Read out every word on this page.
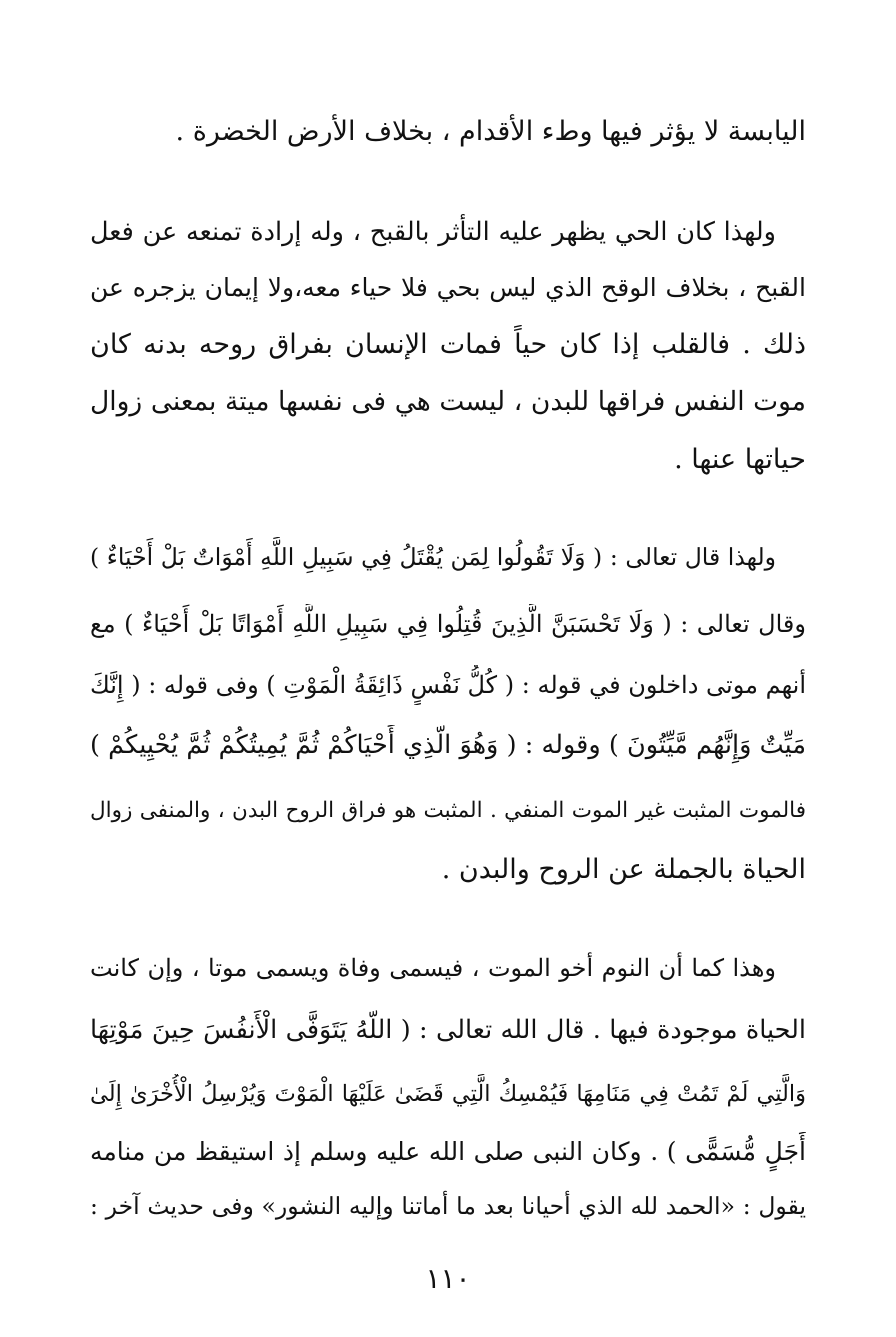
اليابسة لا يؤثر فيها وطء الأقدام ، بخلاف الأرض الخضرة .
ولهذا كان الحي يظهر عليه التأثر بالقبح ، وله إرادة تمنعه عن فعل
القبح ، بخلاف الوقح الذي ليس بحي فلا حياء معه،ولا إيمان يزجره عن
ذلك . فالقلب إذا كان حياً فمات الإنسان بفراق روحه بدنه كان
موت النفس فراقها للبدن ، ليست هي فى نفسها ميتة بمعنى زوال
حياتها عنها .
ولهذا قال تعالى : ( وَلَا تَقُولُوا لِمَن يُقْتَلُ فِي سَبِيلِ اللَّهِ أَمْوَاتٌ بَلْ أَحْيَاءٌ )
وقال تعالى : ( وَلَا تَحْسَبَنَّ الَّذِينَ قُتِلُوا فِي سَبِيلِ اللَّهِ أَمْوَاتًا بَلْ أَحْيَاءٌ ) مع
أنهم موتى داخلون في قوله : ( كُلُّ نَفْسٍ ذَائِقَةُ الْمَوْتِ ) وفى قوله : ( إِنَّكَ
مَيِّتٌ وَإِنَّهُم مَّيِّتُونَ ) وقوله : ( وَهُوَ الَّذِي أَحْيَاكُمْ ثُمَّ يُمِيتُكُمْ ثُمَّ يُحْيِيكُمْ )
فالموت المثبت غير الموت المنفي . المثبت هو فراق الروح البدن ، والمنفى زوال
الحياة بالجملة عن الروح والبدن .
وهذا كما أن النوم أخو الموت ، فيسمى وفاة ويسمى موتا ، وإن كانت
الحياة موجودة فيها . قال الله تعالى : ( اللَّهُ يَتَوَفَّى الْأَنفُسَ حِينَ مَوْتِهَا
وَالَّتِي لَمْ تَمُتْ فِي مَنَامِهَا فَيُمْسِكُ الَّتِي قَضَىٰ عَلَيْهَا الْمَوْتَ وَيُرْسِلُ الْأُخْرَىٰ إِلَىٰ
أَجَلٍ مُّسَمًّى ) . وكان النبى صلى الله عليه وسلم إذ استيقظ من منامه
يقول : «الحمد لله الذي أحيانا بعد ما أماتنا وإليه النشور» وفى حديث آخر :
١١٠
